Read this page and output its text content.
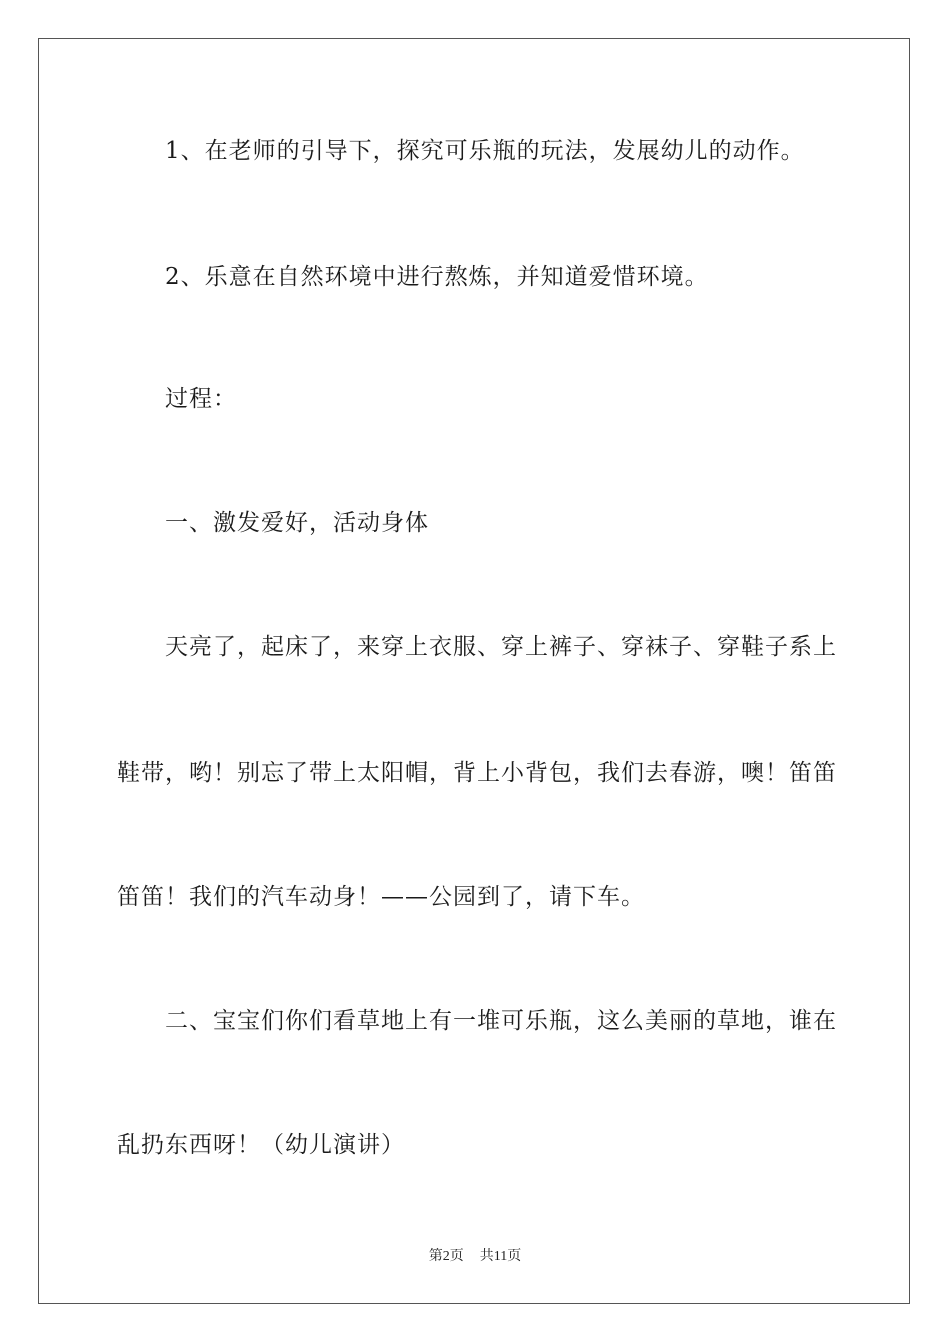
1、在老师的引导下，探究可乐瓶的玩法，发展幼儿的动作。
2、乐意在自然环境中进行熬炼，并知道爱惜环境。
过程：
一、激发爱好，活动身体
天亮了，起床了，来穿上衣服、穿上裤子、穿袜子、穿鞋子系上
鞋带，哟！别忘了带上太阳帽，背上小背包，我们去春游，噢！笛笛
笛笛！我们的汽车动身！——公园到了，请下车。
二、宝宝们你们看草地上有一堆可乐瓶，这么美丽的草地，谁在
乱扔东西呀！（幼儿演讲）
第2页 共11页
